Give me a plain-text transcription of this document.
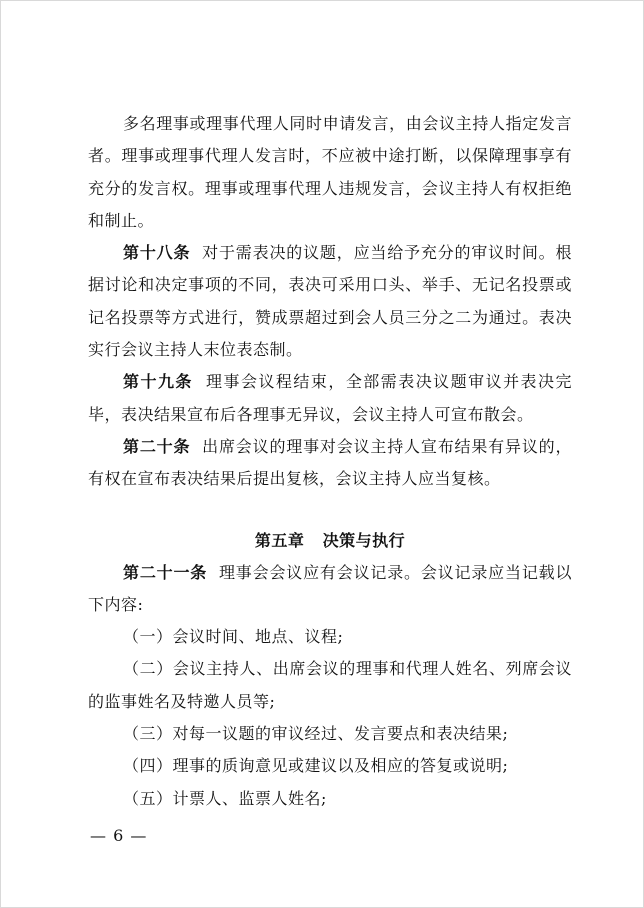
多名理事或理事代理人同时申请发言，由会议主持人指定发言者。理事或理事代理人发言时，不应被中途打断，以保障理事享有充分的发言权。理事或理事代理人违规发言，会议主持人有权拒绝和制止。

第十八条 对于需表决的议题，应当给予充分的审议时间。根据讨论和决定事项的不同，表决可采用口头、举手、无记名投票或记名投票等方式进行，赞成票超过到会人员三分之二为通过。表决实行会议主持人末位表态制。

第十九条 理事会议程结束，全部需表决议题审议并表决完毕，表决结果宣布后各理事无异议，会议主持人可宣布散会。

第二十条 出席会议的理事对会议主持人宣布结果有异议的，有权在宣布表决结果后提出复核，会议主持人应当复核。

第五章 决策与执行

第二十一条 理事会会议应有会议记录。会议记录应当记载以下内容:

（一）会议时间、地点、议程;

（二）会议主持人、出席会议的理事和代理人姓名、列席会议的监事姓名及特邀人员等;

（三）对每一议题的审议经过、发言要点和表决结果;

（四）理事的质询意见或建议以及相应的答复或说明;

（五）计票人、监票人姓名;

— 6 —
